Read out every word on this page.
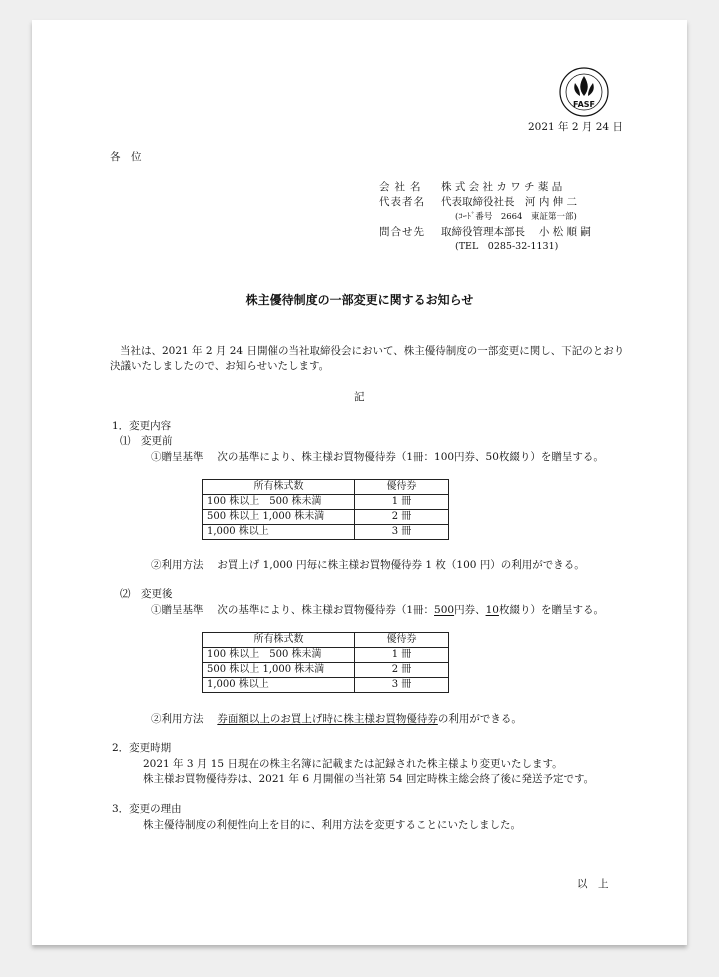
FASF
2021 年 2 月 24 日
各　位
会社名 株 式 会 社 カ ワ チ 薬 品
代表者名 代表取締役社長　河 内 伸 二
(ｺｰﾄﾞ番号　2664　東証第一部)
問合せ先 取締役管理本部長　 小 松 順 嗣
(TEL　0285-32-1131)
株主優待制度の一部変更に関するお知らせ
当社は、2021 年 2 月 24 日開催の当社取締役会において、株主優待制度の一部変更に関し、下記のとおり
決議いたしましたので、お知らせいたします。
記
1．変更内容
⑴　変更前
①贈呈基準　 次の基準により、株主様お買物優待券（1冊：100円券、50枚綴り）を贈呈する。
所有株式数	優待券
100 株以上　500 株未満	1 冊
500 株以上 1,000 株未満	2 冊
1,000 株以上	3 冊
②利用方法　 お買上げ 1,000 円毎に株主様お買物優待券 1 枚（100 円）の利用ができる。
⑵　変更後
①贈呈基準　 次の基準により、株主様お買物優待券（1冊：500円券、10枚綴り）を贈呈する。
所有株式数	優待券
100 株以上　500 株未満	1 冊
500 株以上 1,000 株未満	2 冊
1,000 株以上	3 冊
②利用方法　 券面額以上のお買上げ時に株主様お買物優待券の利用ができる。
2．変更時期
2021 年 3 月 15 日現在の株主名簿に記載または記録された株主様より変更いたします。
株主様お買物優待券は、2021 年 6 月開催の当社第 54 回定時株主総会終了後に発送予定です。
3．変更の理由
株主優待制度の利便性向上を目的に、利用方法を変更することにいたしました。
以　上
